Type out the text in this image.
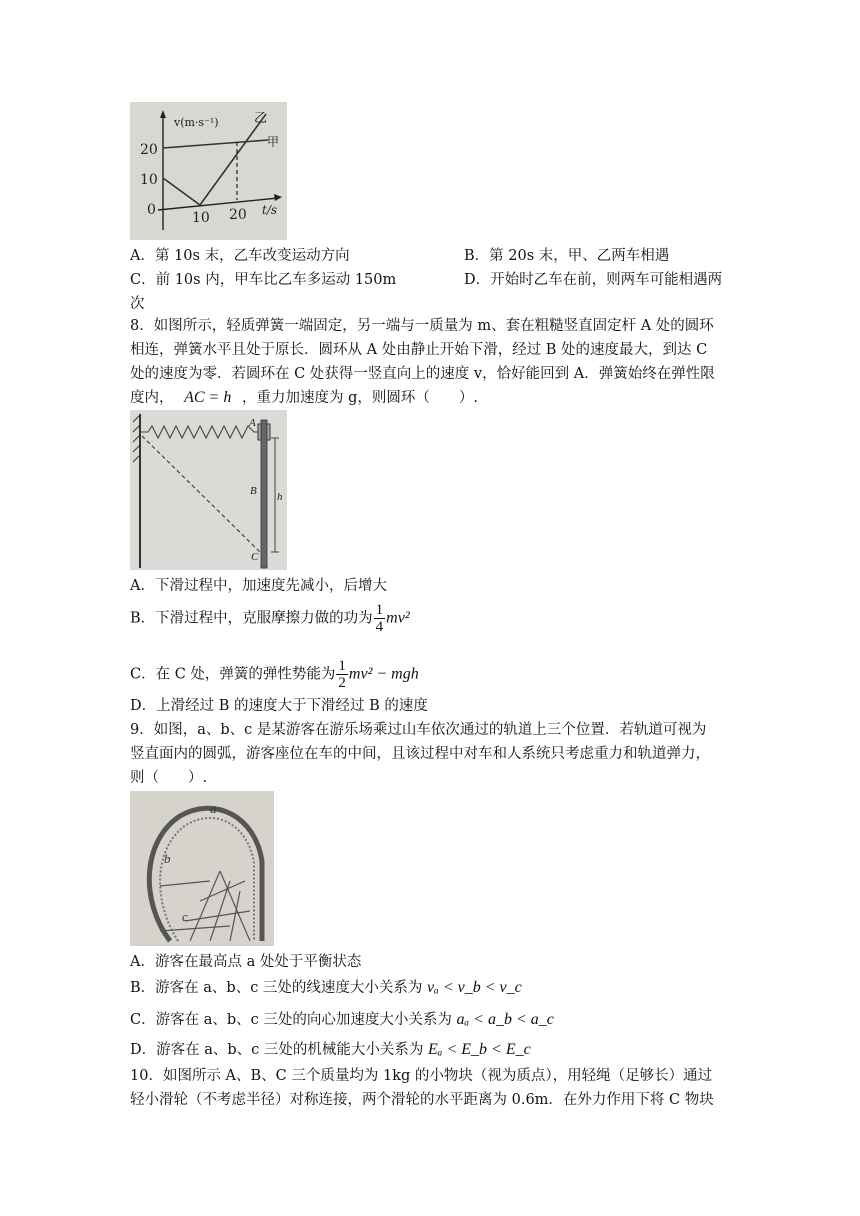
v(m·s⁻¹)	乙
甲
20
10
0	10 20 t/s
A．第 10s 末，乙车改变运动方向	B．第 20s 末，甲、乙两车相遇
C．前 10s 内，甲车比乙车多运动 150m	D．开始时乙车在前，则两车可能相遇两
次
8．如图所示，轻质弹簧一端固定，另一端与一质量为 m、套在粗糙竖直固定杆 A 处的圆环
相连，弹簧水平且处于原长．圆环从 A 处由静止开始下滑，经过 B 处的速度最大，到达 C
处的速度为零．若圆环在 C 处获得一竖直向上的速度 v，恰好能回到 A．弹簧始终在弹性限
度内， AC = h ，重力加速度为 g，则圆环（　　）.
A
B
C
h
A．下滑过程中，加速度先减小，后增大
B．下滑过程中，克服摩擦力做的功为 $\frac{1}{4} mv^2$
C．在 C 处，弹簧的弹性势能为 $\frac{1}{2} mv^2$ − mgh
D．上滑经过 B 的速度大于下滑经过 B 的速度
9．如图，a、b、c 是某游客在游乐场乘过山车依次通过的轨道上三个位置．若轨道可视为
竖直面内的圆弧，游客座位在车的中间，且该过程中对车和人系统只考虑重力和轨道弹力，
则（　　）.
a
b
c
A．游客在最高点 a 处处于平衡状态
B．游客在 a、b、c 三处的线速度大小关系为 vₐ < v_b < v_c
C．游客在 a、b、c 三处的向心加速度大小关系为 aₐ < a_b < a_c
D．游客在 a、b、c 三处的机械能大小关系为 Eₐ < E_b < E_c
10．如图所示 A、B、C 三个质量均为 1kg 的小物块（视为质点），用轻绳（足够长）通过
轻小滑轮（不考虑半径）对称连接，两个滑轮的水平距离为 0.6m．在外力作用下将 C 物块
